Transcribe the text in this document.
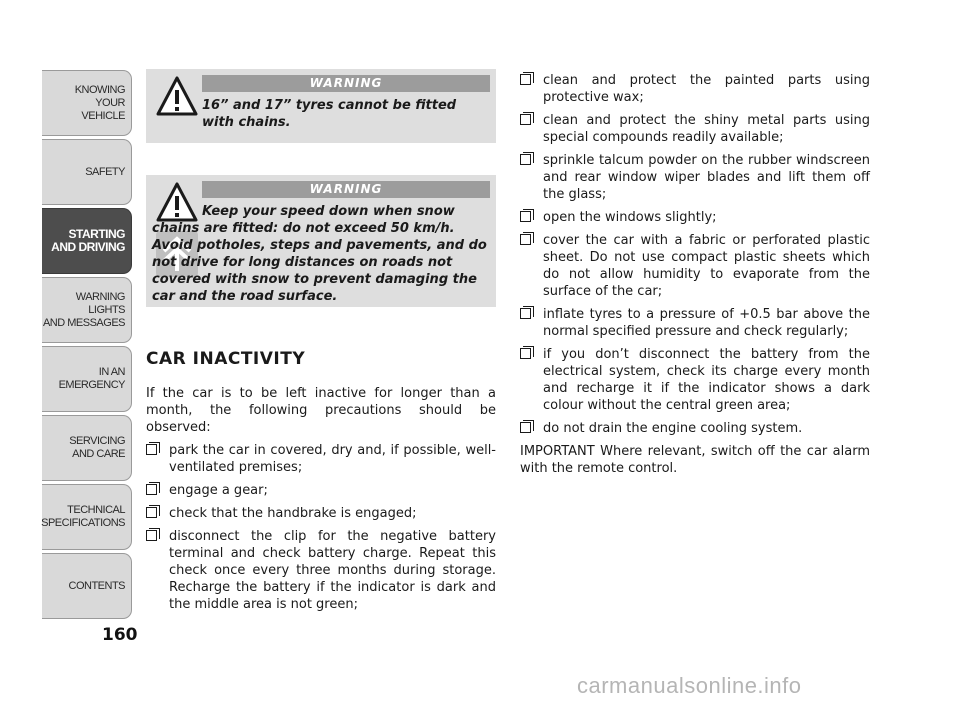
KNOWING
YOUR
VEHICLE
SAFETY
STARTING
AND DRIVING
WARNING LIGHTS
AND MESSAGES
IN AN
EMERGENCY
SERVICING
AND CARE
TECHNICAL
SPECIFICATIONS
CONTENTS
160
WARNING
16” and 17” tyres cannot be fitted with chains.
WARNING
Keep your speed down when snow chains are fitted: do not exceed 50 km/h. Avoid potholes, steps and pavements, and do not drive for long distances on roads not covered with snow to prevent damaging the car and the road surface.
CAR INACTIVITY

If the car is to be left inactive for longer than a month, the following precautions should be observed:

park the car in covered, dry and, if possible, well-ventilated premises;
engage a gear;
check that the handbrake is engaged;
disconnect the clip for the negative battery terminal and check battery charge. Repeat this check once every three months during storage. Recharge the battery if the indicator is dark and the middle area is not green;
clean and protect the painted parts using protective wax;
clean and protect the shiny metal parts using special compounds readily available;
sprinkle talcum powder on the rubber windscreen and rear window wiper blades and lift them off the glass;
open the windows slightly;
cover the car with a fabric or perforated plastic sheet. Do not use compact plastic sheets which do not allow humidity to evaporate from the surface of the car;
inflate tyres to a pressure of +0.5 bar above the normal specified pressure and check regularly;
if you don’t disconnect the battery from the electrical system, check its charge every month and recharge it if the indicator shows a dark colour without the central green area;
do not drain the engine cooling system.

IMPORTANT Where relevant, switch off the car alarm with the remote control.

carmanualsonline.info
